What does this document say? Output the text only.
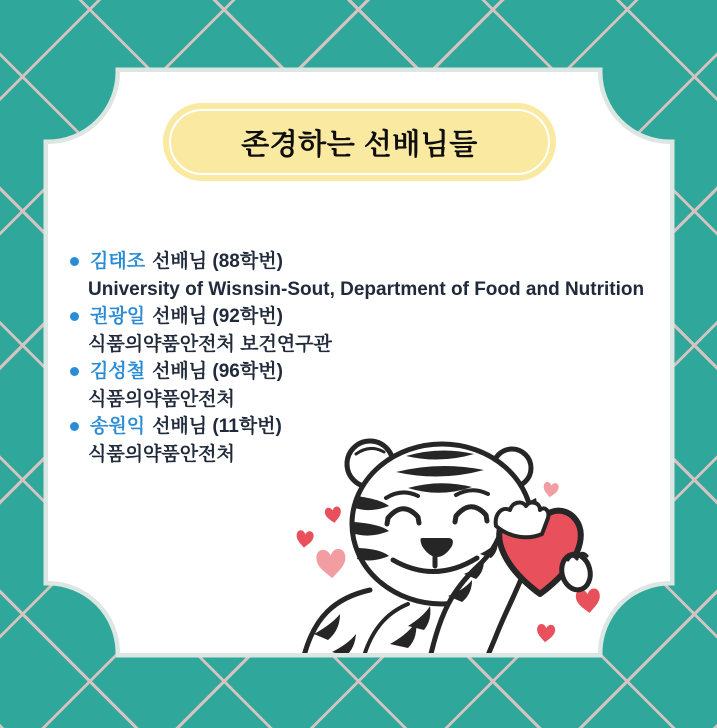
존경하는 선배님들
김태조 선배님 (88학번)
University of Wisnsin-Sout, Department of Food and Nutrition
권광일 선배님 (92학번)
식품의약품안전처 보건연구관
김성철 선배님 (96학번)
식품의약품안전처
송원익 선배님 (11학번)
식품의약품안전처
